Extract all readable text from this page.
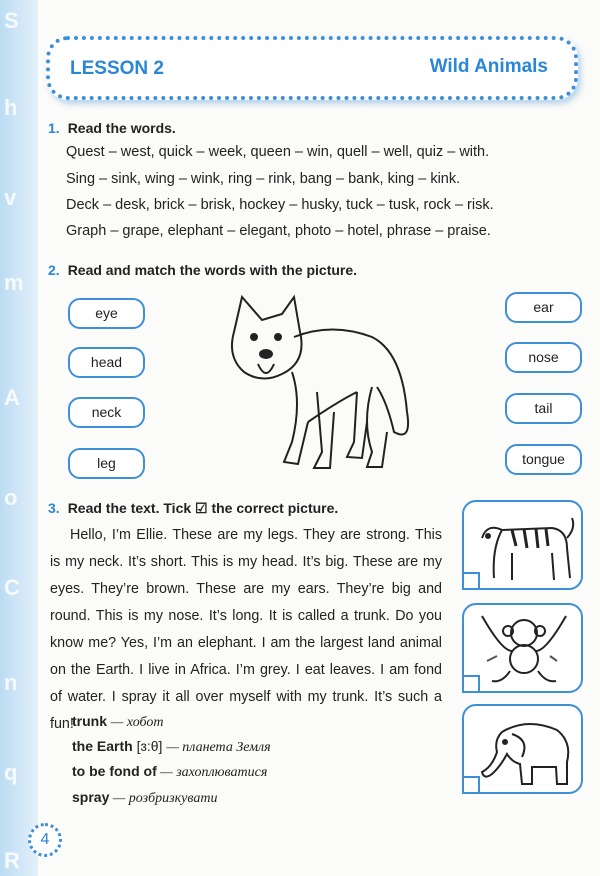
S
h
v
m
A
o
C
n
q
R
LESSON 2	Wild Animals
1. Read the words.
Quest – west, quick – week, queen – win, quell – well, quiz – with.
Sing – sink, wing – wink, ring – rink, bang – bank, king – kink.
Deck – desk, brick – brisk, hockey – husky, tuck – tusk, rock – risk.
Graph – grape, elephant – elegant, photo – hotel, phrase – praise.
2. Read and match the words with the picture.
eye
head
neck
leg
ear
nose
tail
tongue
3. Read the text. Tick ☑ the correct picture.
Hello, I’m Ellie. These are my legs. They are strong. This is my neck. It’s short. This is my head. It’s big. These are my eyes. They’re brown. These are my ears. They’re big and round. This is my nose. It’s long. It is called a trunk. Do you know me? Yes, I’m an elephant. I am the largest land animal on the Earth. I live in Africa. I’m grey. I eat leaves. I am fond of water. I spray it all over myself with my trunk. It’s such a fun!
trunk — хобот
the Earth [ɜ:θ] — планета Земля
to be fond of — захоплюватися
spray — розбризкувати
4
